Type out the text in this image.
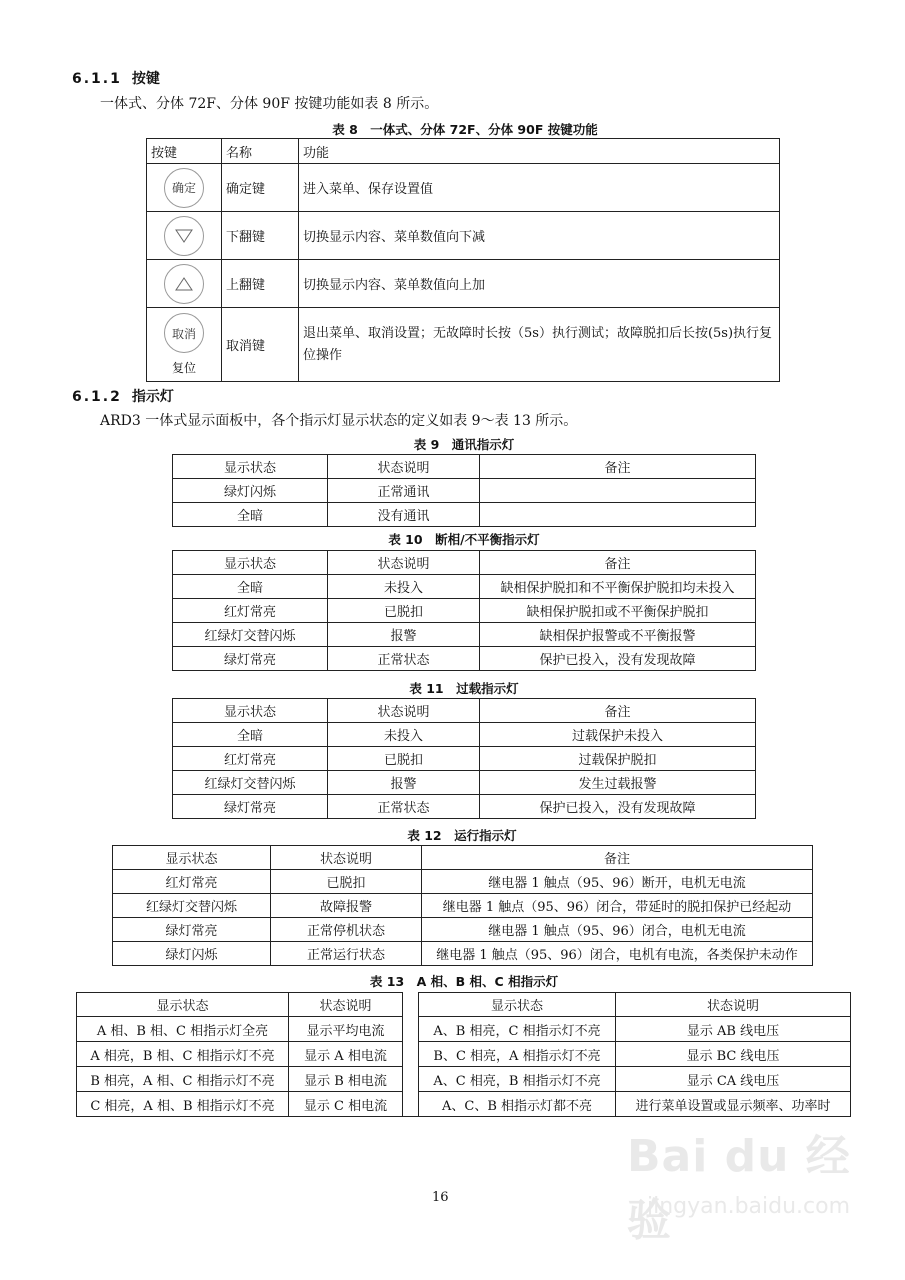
6.1.1 按键
一体式、分体 72F、分体 90F 按键功能如表 8 所示。
表 8　一体式、分体 72F、分体 90F 按键功能
按键	名称	功能

确定	确定键	进入菜单、保存设置值

	下翻键	切换显示内容、菜单数值向下减

	上翻键	切换显示内容、菜单数值向上加

取消
复位	取消键	退出菜单、取消设置；无故障时长按（5s）执行测试；故障脱扣后长按(5s)执行复位操作
6.1.2 指示灯
ARD3 一体式显示面板中，各个指示灯显示状态的定义如表 9～表 13 所示。
表 9　通讯指示灯
显示状态	状态说明	备注
绿灯闪烁	正常通讯	
全暗	没有通讯	
表 10　断相/不平衡指示灯
显示状态	状态说明	备注
全暗	未投入	缺相保护脱扣和不平衡保护脱扣均未投入
红灯常亮	已脱扣	缺相保护脱扣或不平衡保护脱扣
红绿灯交替闪烁	报警	缺相保护报警或不平衡报警
绿灯常亮	正常状态	保护已投入，没有发现故障
表 11　过载指示灯
显示状态	状态说明	备注
全暗	未投入	过载保护未投入
红灯常亮	已脱扣	过载保护脱扣
红绿灯交替闪烁	报警	发生过载报警
绿灯常亮	正常状态	保护已投入，没有发现故障
表 12　运行指示灯
显示状态	状态说明	备注
红灯常亮	已脱扣	继电器 1 触点（95、96）断开，电机无电流
红绿灯交替闪烁	故障报警	继电器 1 触点（95、96）闭合，带延时的脱扣保护已经起动
绿灯常亮	正常停机状态	继电器 1 触点（95、96）闭合，电机无电流
绿灯闪烁	正常运行状态	继电器 1 触点（95、96）闭合，电机有电流，各类保护未动作
表 13　A 相、B 相、C 相指示灯
显示状态	状态说明		显示状态	状态说明
A 相、B 相、C 相指示灯全亮	显示平均电流		A、B 相亮，C 相指示灯不亮	显示 AB 线电压
A 相亮，B 相、C 相指示灯不亮	显示 A 相电流		B、C 相亮，A 相指示灯不亮	显示 BC 线电压
B 相亮，A 相、C 相指示灯不亮	显示 B 相电流		A、C 相亮，B 相指示灯不亮	显示 CA 线电压
C 相亮，A 相、B 相指示灯不亮	显示 C 相电流		A、C、B 相指示灯都不亮	进行菜单设置或显示频率、功率时
16
Bai du 经验
jingyan.baidu.com
